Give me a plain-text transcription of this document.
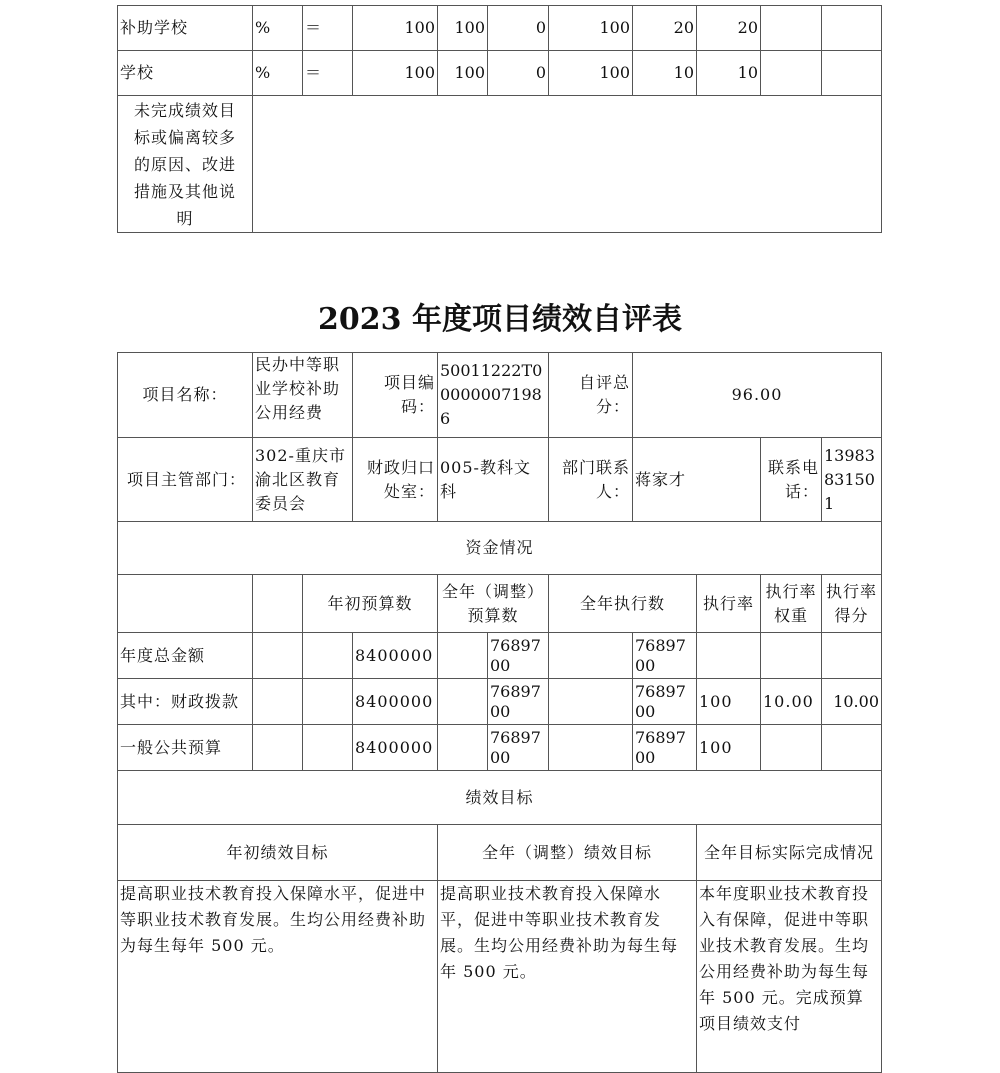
补助学校	%	＝	100	100	0	100	20	20		
学校	%	＝	100	100	0	100	10	10		
未完成绩效目标或偏离较多的原因、改进措施及其他说明										
2023 年度项目绩效自评表
项目名称：	民办中等职业学校补助公用经费		项目编码：	50011222T000000071986		自评总分：	96.00			
项目主管部门：	302-重庆市渝北区教育委员会		财政归口处室：	005-教科文科		部门联系人：	蒋家才		联系电话：	13983831501
资金情况										
		年初预算数		全年（调整）预算数		全年执行数		执行率	执行率权重	执行率得分
年度总金额			8400000		7689700		7689700			
其中：财政拨款			8400000		7689700		7689700	100	10.00	10.00
一般公共预算			8400000		7689700		7689700	100		
绩效目标										
年初绩效目标				全年（调整）绩效目标				全年目标实际完成情况		
提高职业技术教育投入保障水平，促进中等职业技术教育发展。生均公用经费补助为每生每年 500 元。				提高职业技术教育投入保障水平，促进中等职业技术教育发展。生均公用经费补助为每生每年 500 元。				本年度职业技术教育投入有保障，促进中等职业技术教育发展。生均公用经费补助为每生每年 500 元。完成预算项目绩效支付		
